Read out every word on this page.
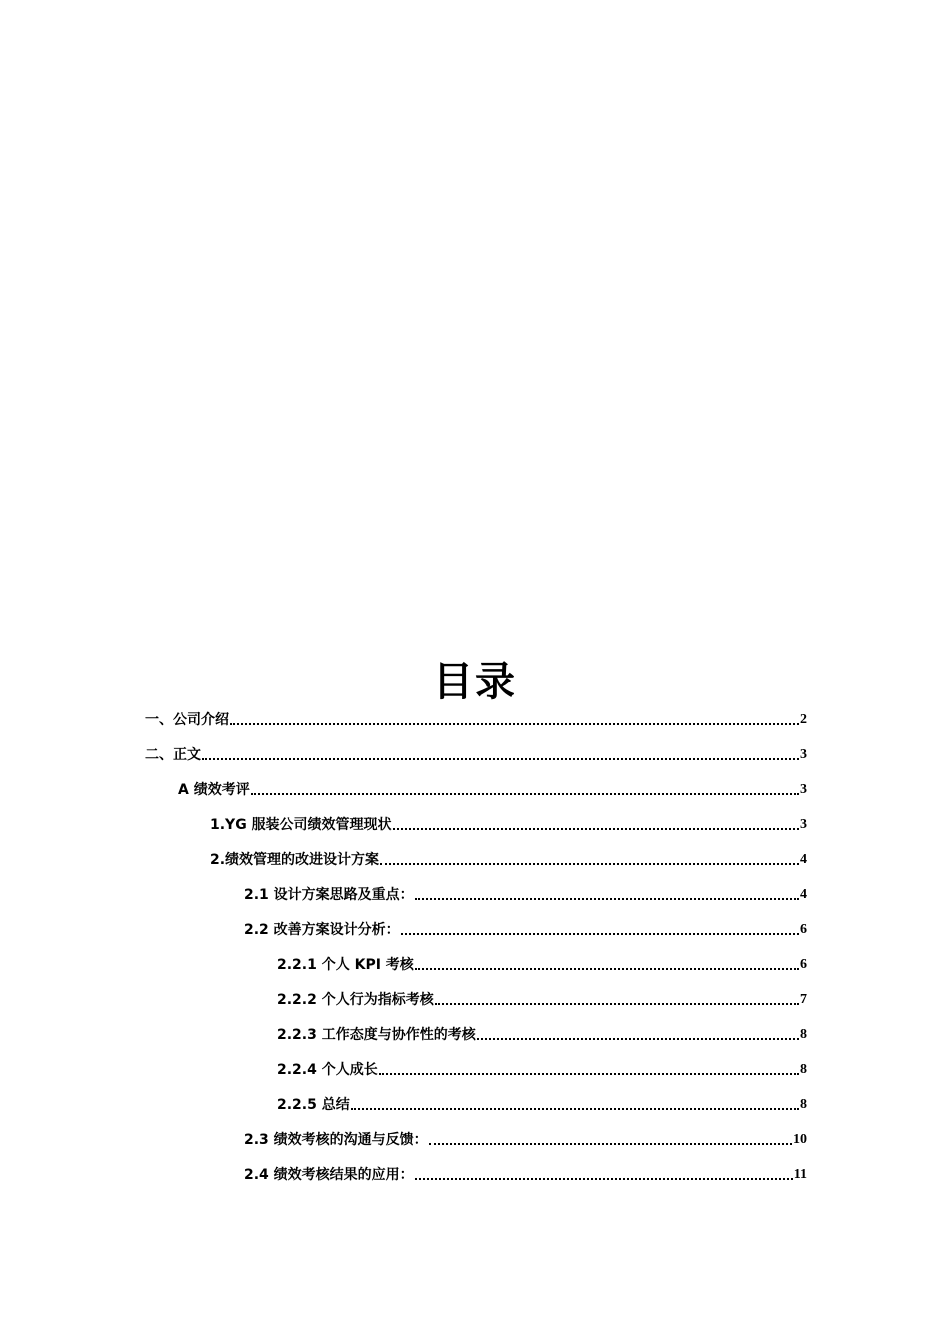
目录
一、公司介绍	2
二、正文	3
A 绩效考评	3
1.YG 服装公司绩效管理现状	3
2.绩效管理的改进设计方案	4
2.1 设计方案思路及重点：	4
2.2 改善方案设计分析：	6
2.2.1 个人 KPI 考核	6
2.2.2 个人行为指标考核	7
2.2.3 工作态度与协作性的考核	8
2.2.4 个人成长	8
2.2.5 总结	8
2.3 绩效考核的沟通与反馈：	10
2.4 绩效考核结果的应用：	11
